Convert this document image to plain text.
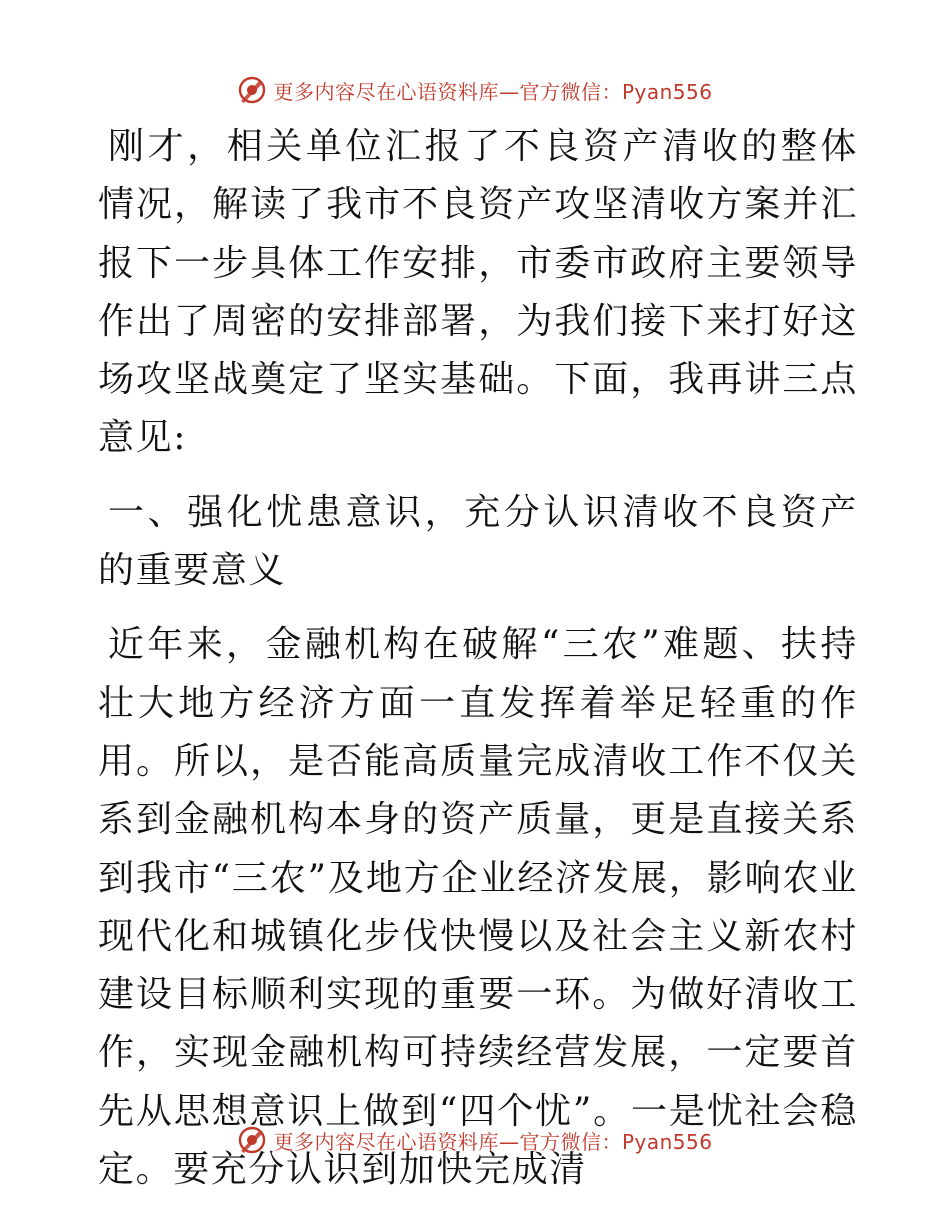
更多内容尽在心语资料库 —官方微信：Pyan556

刚才，相关单位汇报了不良资产清收的整体情况，解读了我市不良资产攻坚清收方案并汇报下一步具体工作安排，市委市政府主要领导作出了周密的安排部署，为我们接下来打好这场攻坚战奠定了坚实基础。下面，我再讲三点意见:

一、强化忧患意识，充分认识清收不良资产的重要意义

近年来，金融机构在破解“三农”难题、扶持壮大地方经济方面一直发挥着举足轻重的作用。所以，是否能高质量完成清收工作不仅关系到金融机构本身的资产质量，更是直接关系到我市“三农”及地方企业经济发展，影响农业现代化和城镇化步伐快慢以及社会主义新农村建设目标顺利实现的重要一环。为做好清收工作，实现金融机构可持续经营发展，一定要首先从思想意识上做到“四个忧”。一是忧社会稳定。要充分认识到加快完成清

更多内容尽在心语资料库 —官方微信：Pyan556
